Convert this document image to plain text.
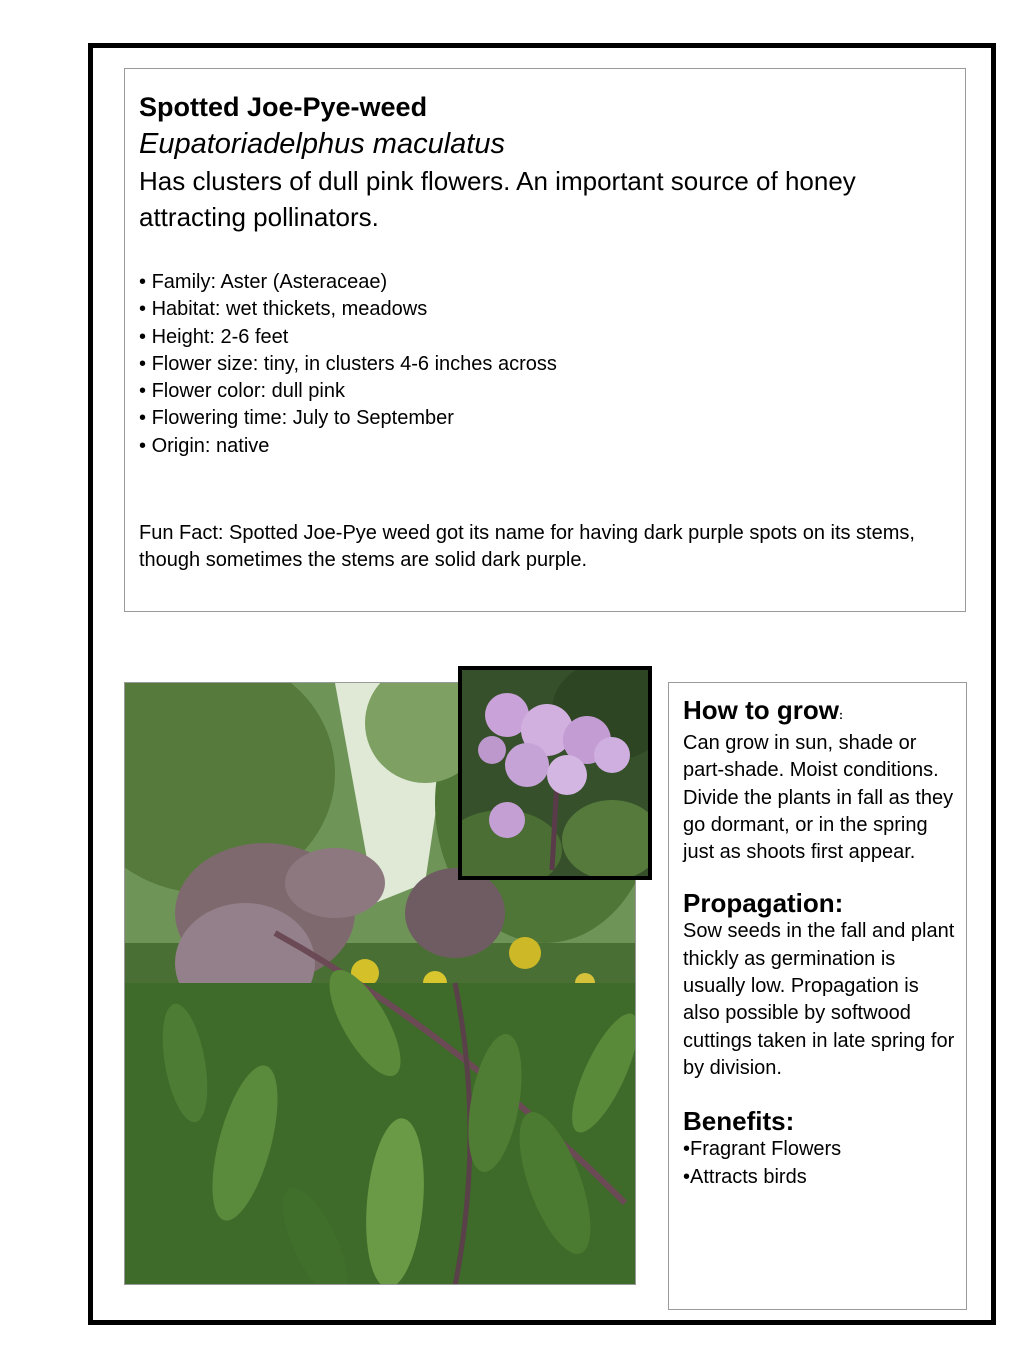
Spotted Joe-Pye-weed

Eupatoriadelphus maculatus

Has clusters of dull pink flowers. An important source of honey attracting pollinators.

• Family: Aster (Asteraceae)
• Habitat: wet thickets, meadows
• Height: 2-6 feet
• Flower size: tiny, in clusters 4-6 inches across
• Flower color: dull pink
• Flowering time: July to September
• Origin: native

Fun Fact: Spotted Joe-Pye weed got its name for having dark purple spots on its stems, though sometimes the stems are solid dark purple.

How to grow:

Can grow in sun, shade or part-shade. Moist conditions. Divide the plants in fall as they go dormant, or in the spring just as shoots first appear.

Propagation:

Sow seeds in the fall and plant thickly as germination is usually low. Propagation is also possible by softwood cuttings taken in late spring for by division.

Benefits:

• Fragrant Flowers
• Attracts birds
